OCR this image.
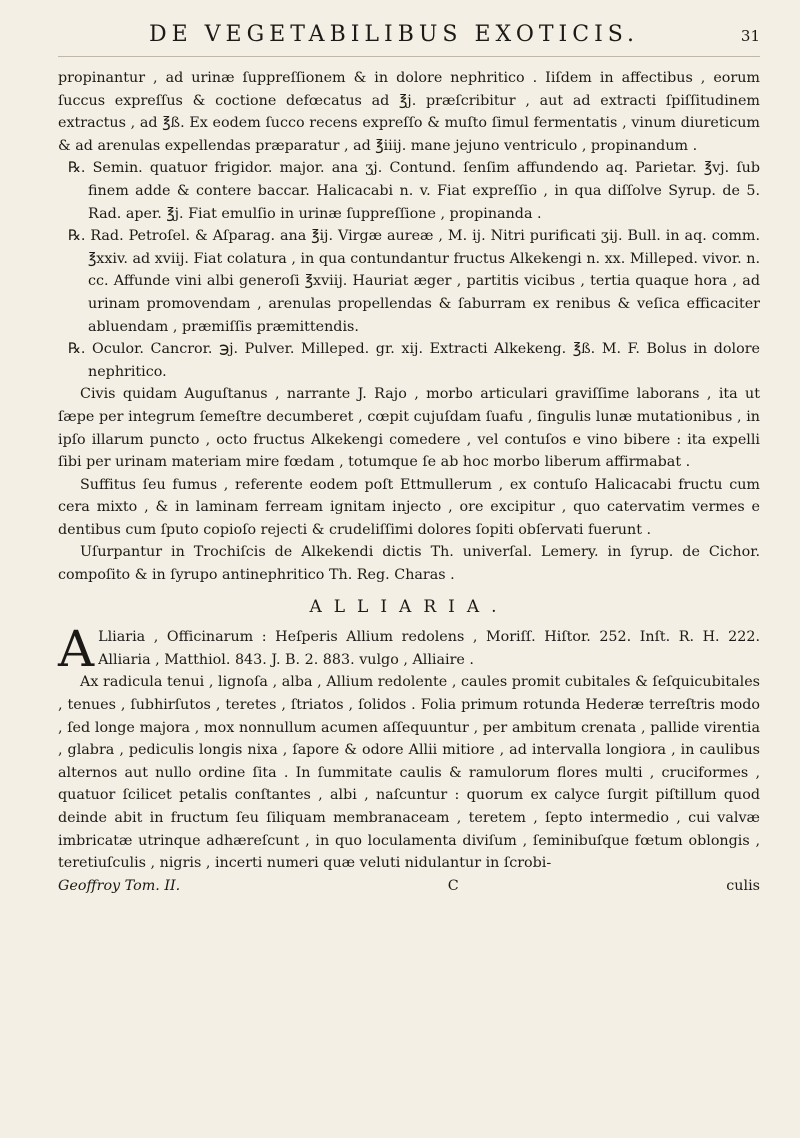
DE VEGETABILIBUS EXOTICIS.	31

propinantur , ad urinæ ſuppreſſionem & in dolore nephritico . Iiſdem in affectibus , eorum ſuccus expreſſus & coctione defœcatus ad ℥j. præſcribitur , aut ad extracti ſpiſſitudinem extractus , ad ℥ß. Ex eodem ſucco recens expreſſo & muſto ſimul fermentatis , vinum diureticum & ad arenulas expellendas præparatur , ad ℥iiij. mane jejuno ventriculo , propinandum .

℞. Semin. quatuor frigidor. major. ana ʒj. Contund. ſenſim affundendo aq. Parietar. ℥vj. ſub finem adde & contere baccar. Halicacabi n. v. Fiat expreſſio , in qua diſſolve Syrup. de 5. Rad. aper. ℥j. Fiat emulſio in urinæ ſuppreſſione , propinanda .

℞. Rad. Petroſel. & Aſparag. ana ℥ij. Virgæ aureæ , M. ij. Nitri purificati ʒij. Bull. in aq. comm. ℥xxiv. ad xviij. Fiat colatura , in qua contundantur fructus Alkekengi n. xx. Milleped. vivor. n. cc. Affunde vini albi generoſi ℥xviij. Hauriat æger , partitis vicibus , tertia quaque hora , ad urinam promovendam , arenulas propellendas & ſaburram ex renibus & veſica efficaciter abluendam , præmiſſis præmittendis.

℞. Oculor. Cancror. ℈j. Pulver. Milleped. gr. xij. Extracti Alkekeng. ℥ß. M. F. Bolus in dolore nephritico.

Civis quidam Auguſtanus , narrante J. Rajo , morbo articulari graviſſime laborans , ita ut ſæpe per integrum ſemeſtre decumberet , cœpit cujuſdam ſuafu , ſingulis lunæ mutationibus , in ipſo illarum puncto , octo fructus Alkekengi comedere , vel contuſos e vino bibere : ita expelli ſibi per urinam materiam mire fœdam , totumque ſe ab hoc morbo liberum affirmabat .

Suffitus ſeu fumus , referente eodem poſt Ettmullerum , ex contuſo Halicacabi fructu cum cera mixto , & in laminam ferream ignitam injecto , ore excipitur , quo catervatim vermes e dentibus cum ſputo copioſo rejecti & crudeliſſimi dolores ſopiti obſervati fuerunt .

Uſurpantur in Trochiſcis de Alkekendi dictis Th. univerſal. Lemery. in ſyrup. de Cichor. compoſito & in ſyrupo antinephritico Th. Reg. Charas .

ALLIARIA.

A Lliaria , Officinarum : Heſperis Allium redolens , Moriſſ. Hiſtor. 252. Inſt. R. H. 222. Alliaria , Matthiol. 843. J. B. 2. 883. vulgo , Alliaire .

Ax radicula tenui , lignoſa , alba , Allium redolente , caules promit cubitales & ſeſquicubitales , tenues , ſubhirſutos , teretes , ſtriatos , ſolidos . Folia primum rotunda Hederæ terreſtris modo , ſed longe majora , mox nonnullum acumen aſſequuntur , per ambitum crenata , pallide virentia , glabra , pediculis longis nixa , ſapore & odore Allii mitiore , ad intervalla longiora , in caulibus alternos aut nullo ordine ſita . In ſummitate caulis & ramulorum flores multi , cruciformes , quatuor ſcilicet petalis conſtantes , albi , naſcuntur : quorum ex calyce ſurgit piſtillum quod deinde abit in fructum ſeu ſiliquam membranaceam , teretem , ſepto intermedio , cui valvæ imbricatæ utrinque adhæreſcunt , in quo loculamenta diviſum , ſeminibuſque fœtum oblongis , teretiuſculis , nigris , incerti numeri quæ veluti nidulantur in ſcrobi-

Geoffroy Tom. II.	C	culis
